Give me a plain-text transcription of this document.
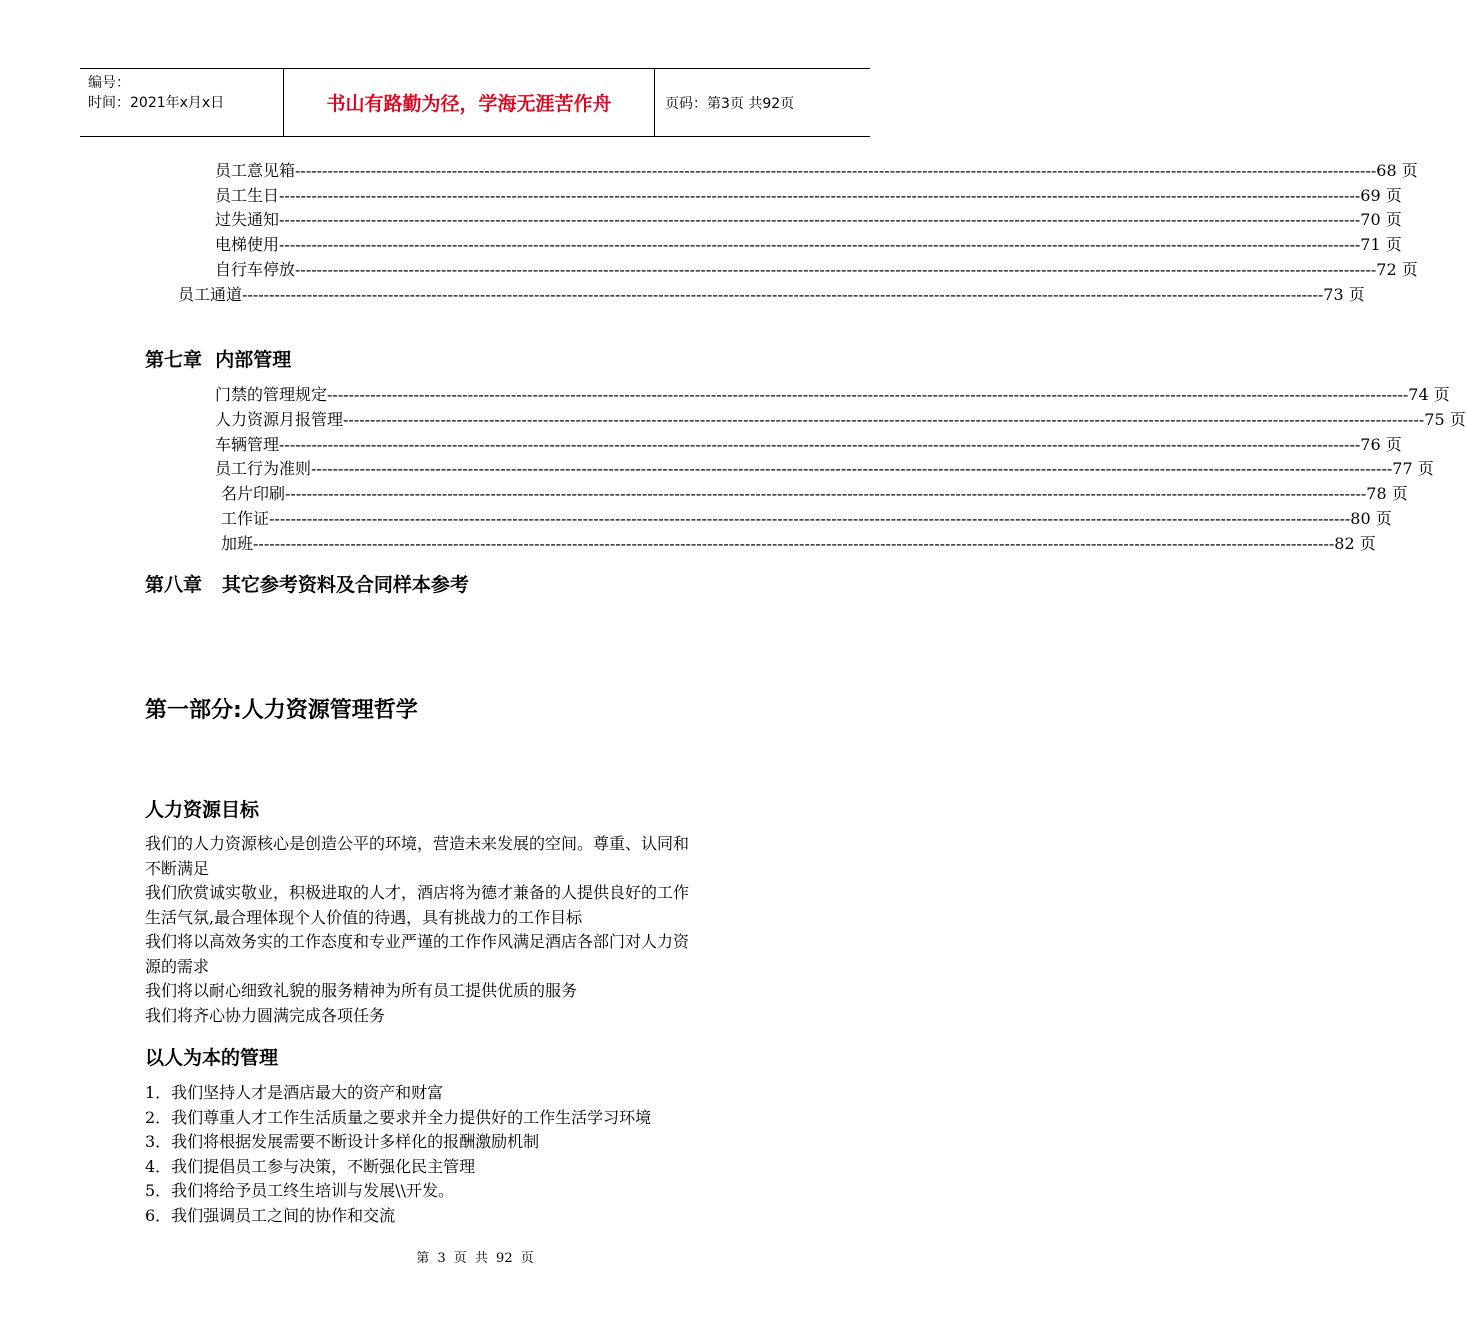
编号：
时间：2021年x月x日	书山有路勤为径，学海无涯苦作舟	页码：第3页 共92页
员工意见箱 -------------------------------------------------------------------------------------------------------------------------------------------------------------------------------------------------------- 68 页
员工生日 -------------------------------------------------------------------------------------------------------------------------------------------------------------------------------------------------------- 69 页
过失通知 -------------------------------------------------------------------------------------------------------------------------------------------------------------------------------------------------------- 70 页
电梯使用 -------------------------------------------------------------------------------------------------------------------------------------------------------------------------------------------------------- 71 页
自行车停放 -------------------------------------------------------------------------------------------------------------------------------------------------------------------------------------------------------- 72 页
员工通道 -------------------------------------------------------------------------------------------------------------------------------------------------------------------------------------------------------- 73 页
第七章  内部管理
门禁的管理规定 -------------------------------------------------------------------------------------------------------------------------------------------------------------------------------------------------------- 74 页
人力资源月报管理 -------------------------------------------------------------------------------------------------------------------------------------------------------------------------------------------------------- 75 页
车辆管理 -------------------------------------------------------------------------------------------------------------------------------------------------------------------------------------------------------- 76 页
员工行为准则 -------------------------------------------------------------------------------------------------------------------------------------------------------------------------------------------------------- 77 页
名片印刷 -------------------------------------------------------------------------------------------------------------------------------------------------------------------------------------------------------- 78 页
工作证 -------------------------------------------------------------------------------------------------------------------------------------------------------------------------------------------------------- 80 页
加班 -------------------------------------------------------------------------------------------------------------------------------------------------------------------------------------------------------- 82 页
第八章   其它参考资料及合同样本参考
第一部分:人力资源管理哲学
人力资源目标
我们的人力资源核心是创造公平的环境，营造未来发展的空间。尊重、认同和
不断满足
我们欣赏诚实敬业，积极进取的人才，酒店将为德才兼备的人提供良好的工作
生活气氛,最合理体现个人价值的待遇，具有挑战力的工作目标
我们将以高效务实的工作态度和专业严谨的工作作风满足酒店各部门对人力资
源的需求
我们将以耐心细致礼貌的服务精神为所有员工提供优质的服务
我们将齐心协力圆满完成各项任务
以人为本的管理
1．我们坚持人才是酒店最大的资产和财富
2．我们尊重人才工作生活质量之要求并全力提供好的工作生活学习环境
3．我们将根据发展需要不断设计多样化的报酬激励机制
4．我们提倡员工参与决策，不断强化民主管理
5．我们将给予员工终生培训与发展\\开发。
6．我们强调员工之间的协作和交流
第 3 页 共 92 页
